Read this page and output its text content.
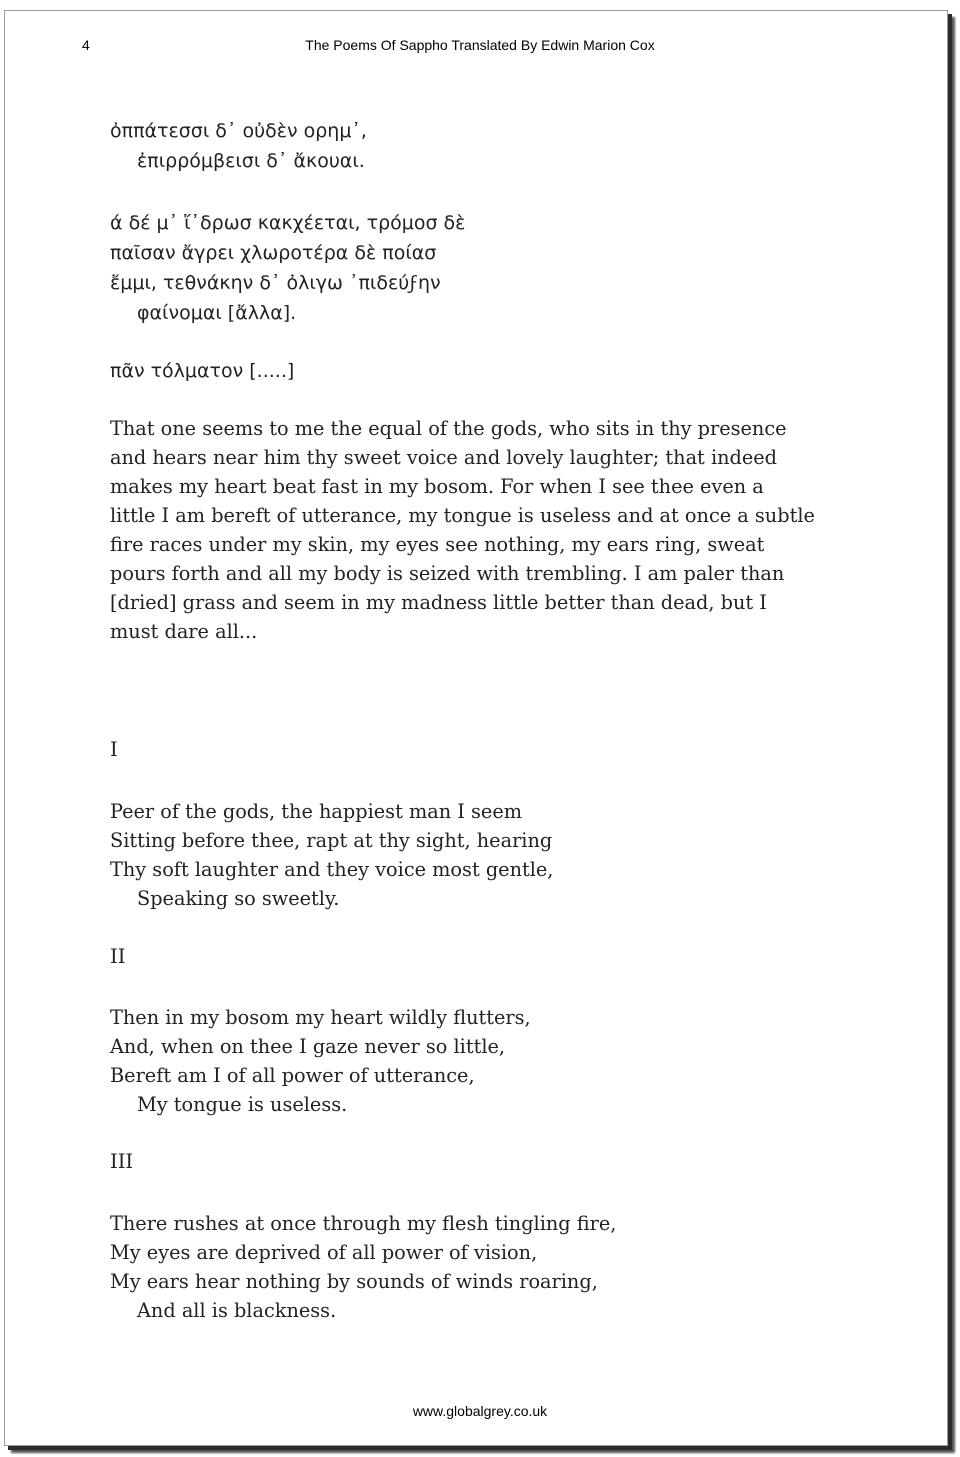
4	The Poems Of Sappho Translated By Edwin Marion Cox
ὀππάτεσσι δ᾽ οὐδὲν ορημ᾽,
ἐπιρρόμβεισι δ᾽ ἄκουαι.
ά δέ μ᾽ ἴ᾽δρωσ κακχέεται, τρόμοσ δὲ
παῖσαν ἄγρει χλωροτέρα δὲ ποίασ
ἔμμι, τεθνάκην δ᾽ ὀλιγω ᾽πιδεύϝην
φαίνομαι [ἄλλα].
πᾶν τόλματον [.....]
That one seems to me the equal of the gods, who sits in thy presence
and hears near him thy sweet voice and lovely laughter; that indeed
makes my heart beat fast in my bosom. For when I see thee even a
little I am bereft of utterance, my tongue is useless and at once a subtle
fire races under my skin, my eyes see nothing, my ears ring, sweat
pours forth and all my body is seized with trembling. I am paler than
[dried] grass and seem in my madness little better than dead, but I
must dare all...
I
Peer of the gods, the happiest man I seem
Sitting before thee, rapt at thy sight, hearing
Thy soft laughter and they voice most gentle,
Speaking so sweetly.
II
Then in my bosom my heart wildly flutters,
And, when on thee I gaze never so little,
Bereft am I of all power of utterance,
My tongue is useless.
III
There rushes at once through my flesh tingling fire,
My eyes are deprived of all power of vision,
My ears hear nothing by sounds of winds roaring,
And all is blackness.
www.globalgrey.co.uk
